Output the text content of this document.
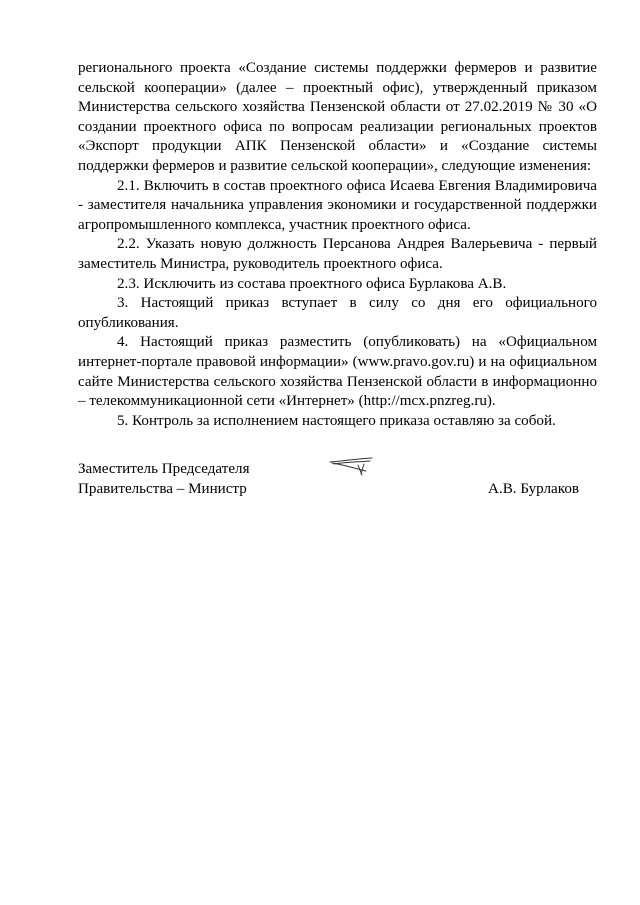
регионального проекта «Создание системы поддержки фермеров и развитие сельской кооперации» (далее – проектный офис), утвержденный приказом Министерства сельского хозяйства Пензенской области от 27.02.2019 № 30 «О создании проектного офиса по вопросам реализации региональных проектов «Экспорт продукции АПК Пензенской области» и «Создание системы поддержки фермеров и развитие сельской кооперации», следующие изменения:

2.1. Включить в состав проектного офиса Исаева Евгения Владимировича - заместителя начальника управления экономики и государственной поддержки агропромышленного комплекса, участник проектного офиса.

2.2. Указать новую должность Персанова Андрея Валерьевича - первый заместитель Министра, руководитель проектного офиса.

2.3. Исключить из состава проектного офиса Бурлакова А.В.

3. Настоящий приказ вступает в силу со дня его официального опубликования.

4. Настоящий приказ разместить (опубликовать) на «Официальном интернет-портале правовой информации» (www.pravo.gov.ru) и на официальном сайте Министерства сельского хозяйства Пензенской области в информационно – телекоммуникационной сети «Интернет» (http://mcx.pnzreg.ru).

5. Контроль за исполнением настоящего приказа оставляю за собой.

Заместитель Председателя
Правительства – Министр	А.В. Бурлаков
